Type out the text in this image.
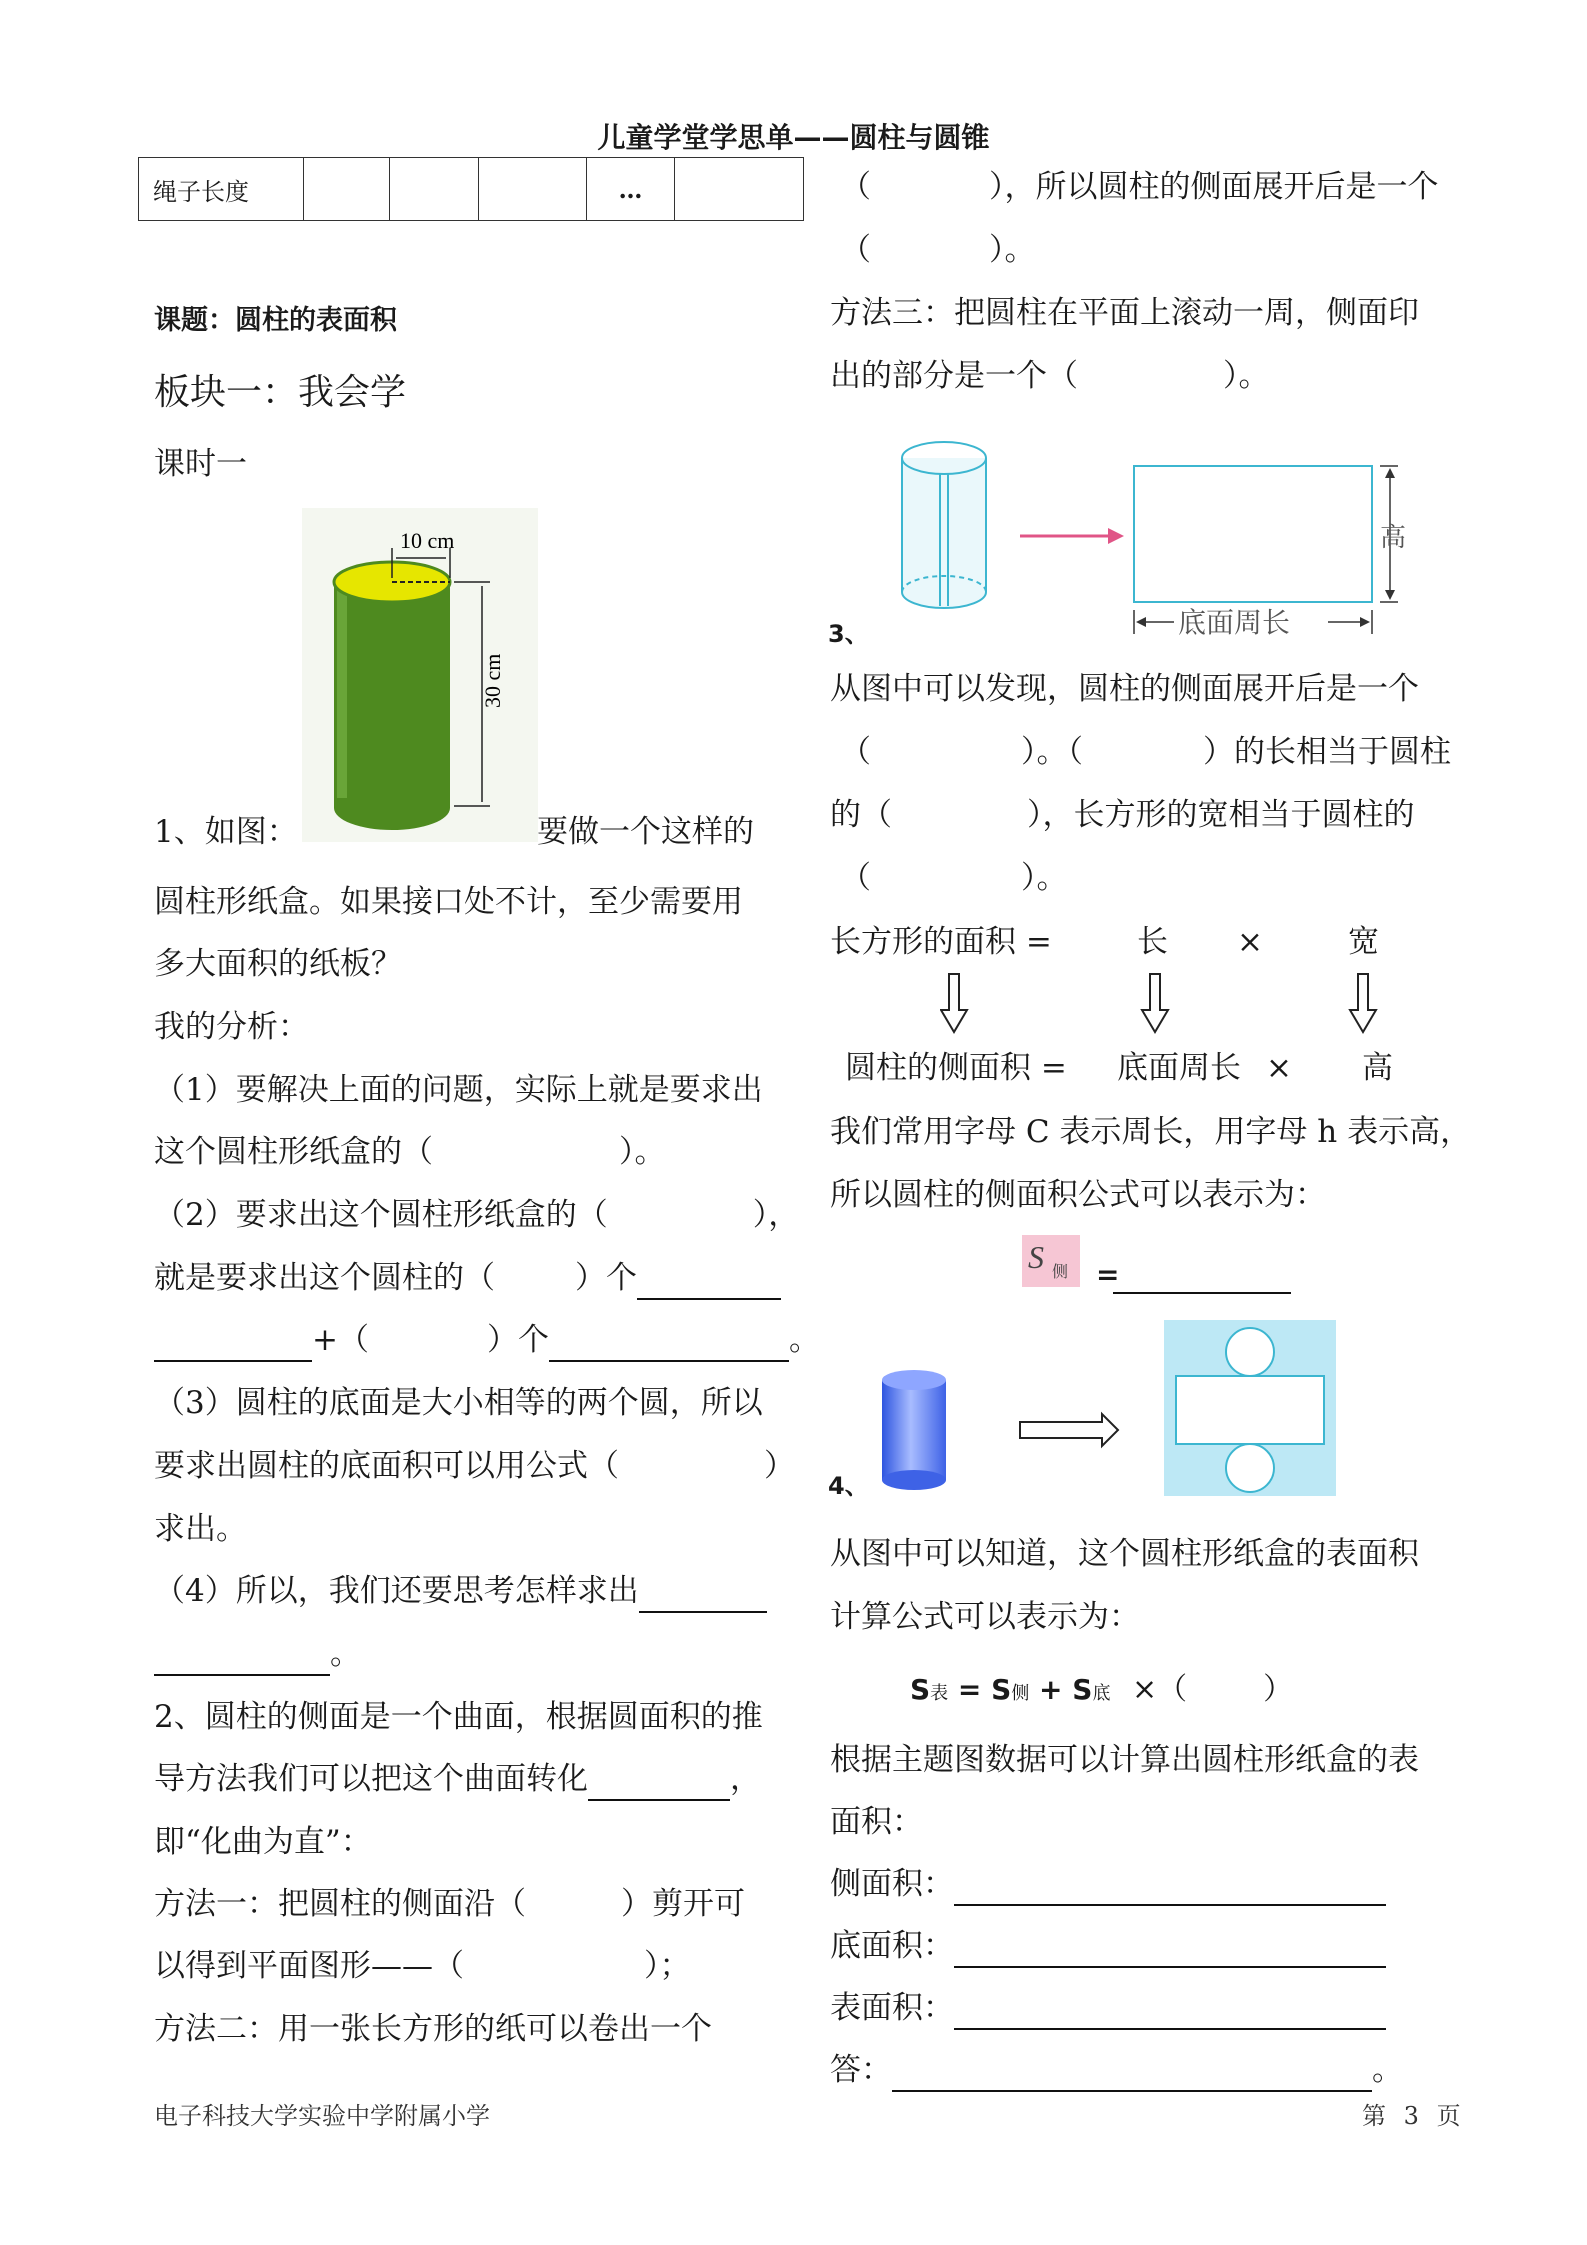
儿童学堂学思单——圆柱与圆锥
绳子长度				…	
课题：圆柱的表面积
板块一：我会学
课时一
10 cm
30 cm
1、如图：	要做一个这样的
圆柱形纸盒。如果接口处不计，至少需要用
多大面积的纸板？
我的分析：
（1）要解决上面的问题，实际上就是要求出
这个圆柱形纸盒的（	）。
（2）要求出这个圆柱形纸盒的（	），
就是要求出这个圆柱的（	）个
+（	）个	。
（3）圆柱的底面是大小相等的两个圆，所以
要求出圆柱的底面积可以用公式（	）
求出。
（4）所以，我们还要思考怎样求出
。
2、圆柱的侧面是一个曲面，根据圆面积的推
导方法我们可以把这个曲面转化	，
即“化曲为直”：
方法一：把圆柱的侧面沿（	）剪开可
以得到平面图形——（	）；
方法二：用一张长方形的纸可以卷出一个
（	），所以圆柱的侧面展开后是一个
（	）。
方法三：把圆柱在平面上滚动一周，侧面印
出的部分是一个（	）。
3、
高
底面周长
从图中可以发现，圆柱的侧面展开后是一个
（	）。（	）的长相当于圆柱
的（	），长方形的宽相当于圆柱的
（	）。
长方形的面积 =	长 ×	宽
圆柱的侧面积 = 底面周长 × 高
我们常用字母 C 表示周长，用字母 h 表示高，
所以圆柱的侧面积公式可以表示为：
S 侧 =
4、
从图中可以知道，这个圆柱形纸盒的表面积
计算公式可以表示为：
S表 = S侧 + S底 ×（	）
根据主题图数据可以计算出圆柱形纸盒的表
面积：
侧面积：
底面积：
表面积：
答：	。
电子科技大学实验中学附属小学	第 3 页
